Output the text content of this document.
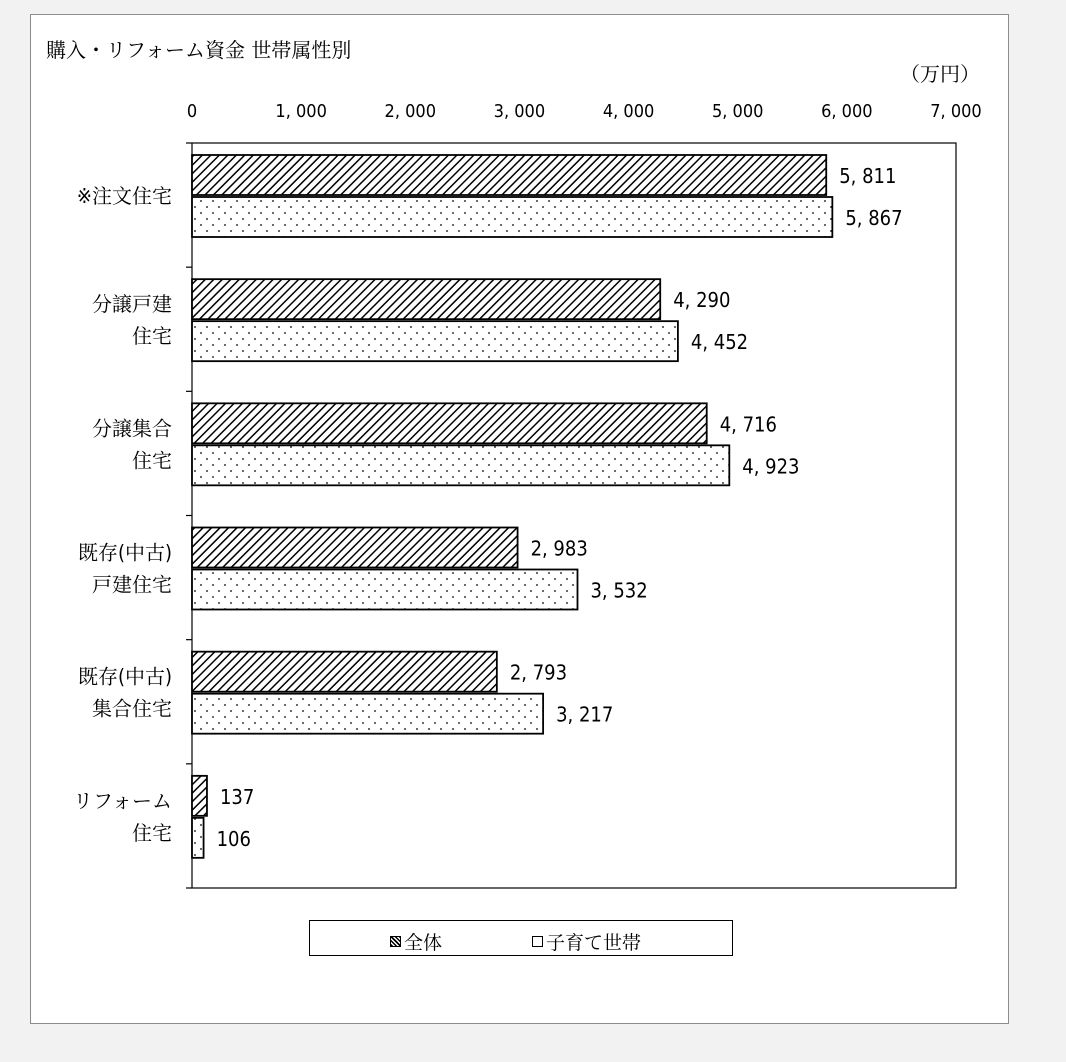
購入・リフォーム資金 世帯属性別
（万円）
0	1, 000	2, 000	3, 000	4, 000	5, 000	6, 000	7, 000
※注文住宅
5, 811
5, 867
分譲戸建
住宅
4, 290
4, 452
分譲集合
住宅
4, 716
4, 923
既存(中古)
戸建住宅
2, 983
3, 532
既存(中古)
集合住宅
2, 793
3, 217
リフォーム
住宅
137
106
全体	子育て世帯
